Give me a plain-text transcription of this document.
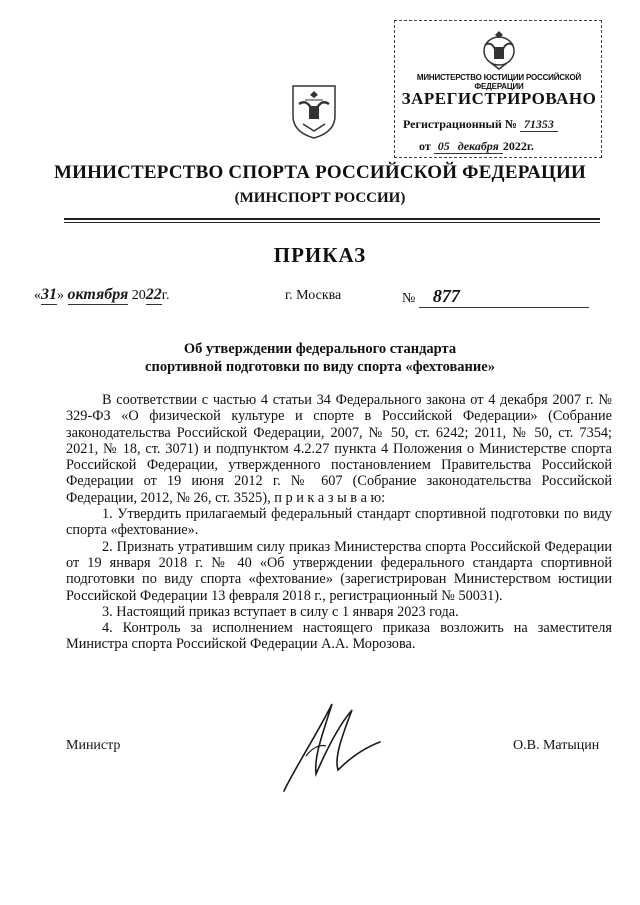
МИНИСТЕРСТВО ЮСТИЦИИ РОССИЙСКОЙ ФЕДЕРАЦИИ
ЗАРЕГИСТРИРОВАНО
Регистрационный № 71353
от 05 декабря 2022г.
МИНИСТЕРСТВО СПОРТА РОССИЙСКОЙ ФЕДЕРАЦИИ
(МИНСПОРТ РОССИИ)
ПРИКАЗ
«31» октября 2022г.	г. Москва	№ 877
Об утверждении федерального стандарта
спортивной подготовки по виду спорта «фехтование»

В соответствии с частью 4 статьи 34 Федерального закона от 4 декабря 2007 г. № 329-ФЗ «О физической культуре и спорте в Российской Федерации» (Собрание законодательства Российской Федерации, 2007, № 50, ст. 6242; 2011, № 50, ст. 7354; 2021, № 18, ст. 3071) и подпунктом 4.2.27 пункта 4 Положения о Министерстве спорта Российской Федерации, утвержденного постановлением Правительства Российской Федерации от 19 июня 2012 г. № 607 (Собрание законодательства Российской Федерации, 2012, № 26, ст. 3525), п р и к а з ы в а ю:

1. Утвердить прилагаемый федеральный стандарт спортивной подготовки по виду спорта «фехтование».

2. Признать утратившим силу приказ Министерства спорта Российской Федерации от 19 января 2018 г. № 40 «Об утверждении федерального стандарта спортивной подготовки по виду спорта «фехтование» (зарегистрирован Министерством юстиции Российской Федерации 13 февраля 2018 г., регистрационный № 50031).

3. Настоящий приказ вступает в силу с 1 января 2023 года.

4. Контроль за исполнением настоящего приказа возложить на заместителя Министра спорта Российской Федерации А.А. Морозова.

Министр	О.В. Матыцин
